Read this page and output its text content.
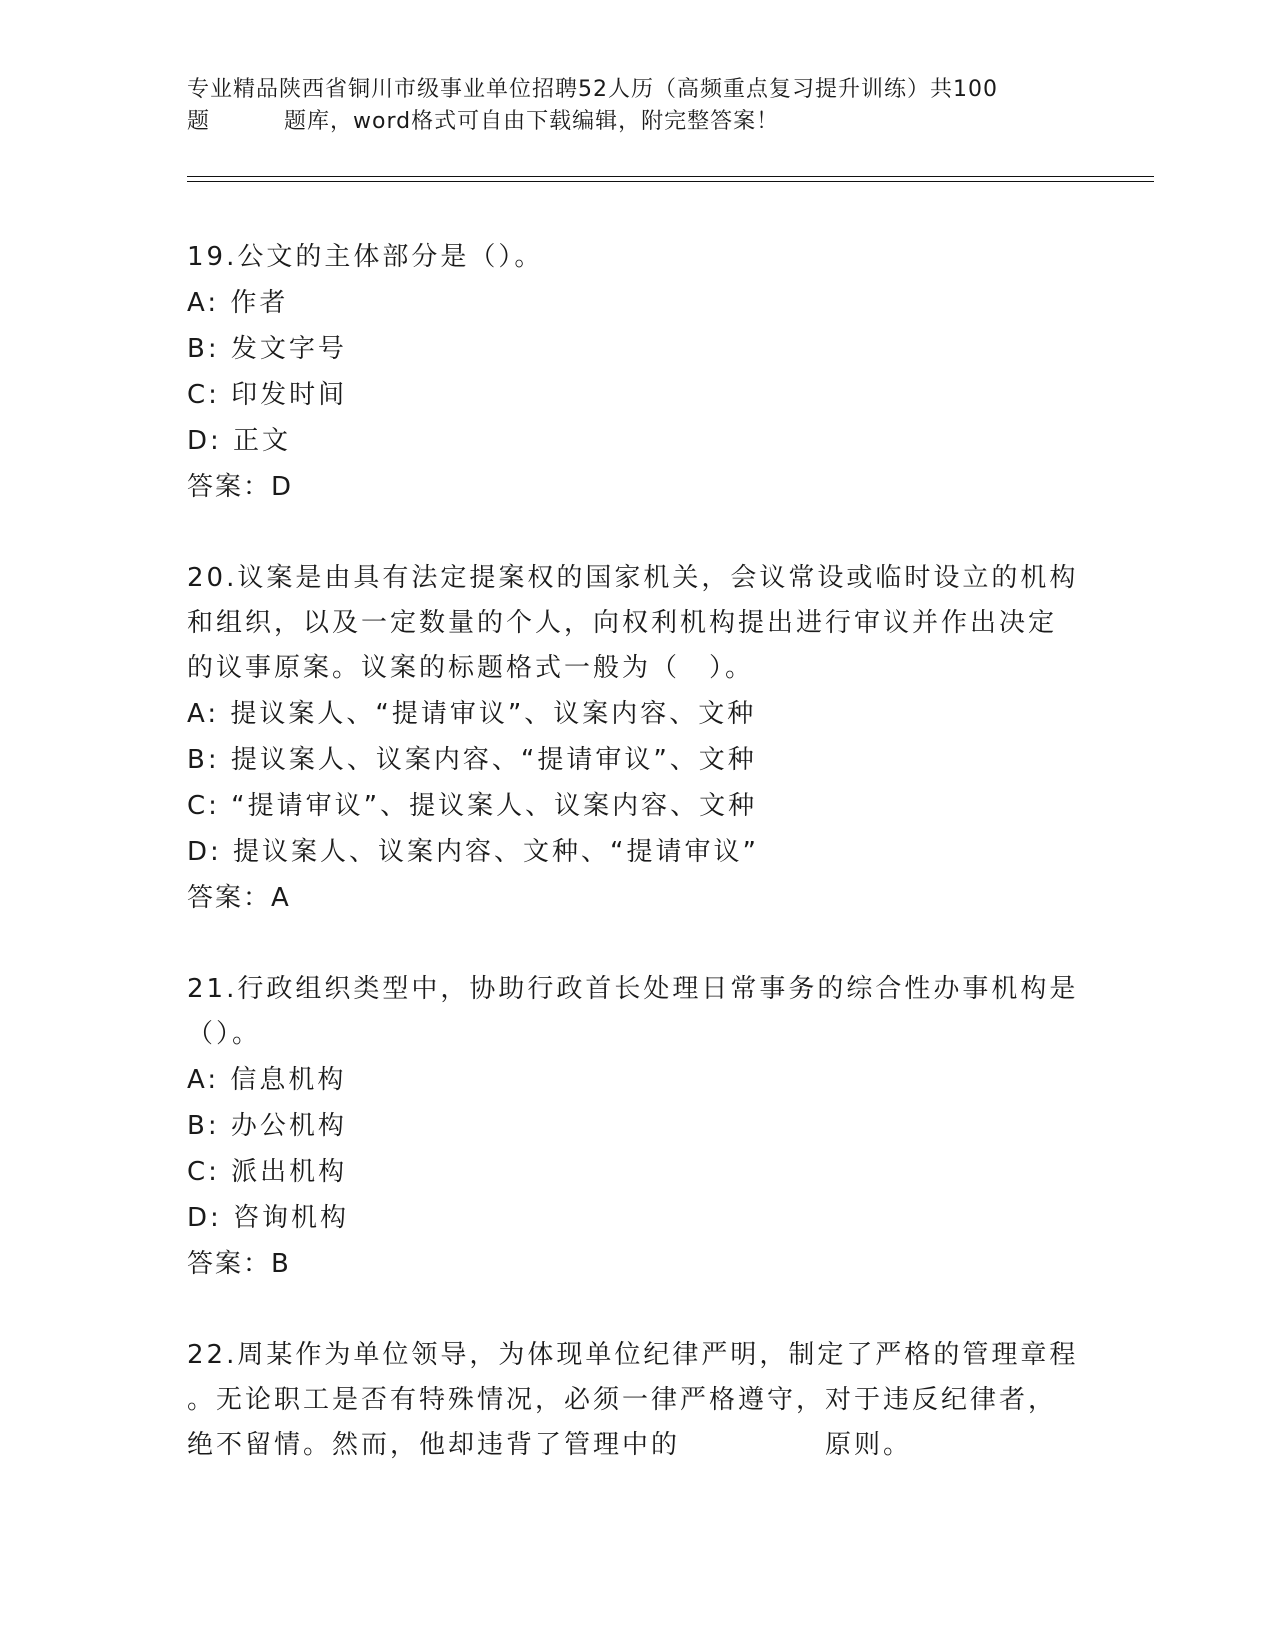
专业精品陕西省铜川市级事业单位招聘52人历（高频重点复习提升训练）共100
题	题库，word格式可自由下载编辑，附完整答案！
19.公文的主体部分是（）。
A: 作者
B: 发文字号
C: 印发时间
D: 正文
答案：D
20.议案是由具有法定提案权的国家机关，会议常设或临时设立的机构
和组织，以及一定数量的个人，向权利机构提出进行审议并作出决定
的议事原案。议案的标题格式一般为（　）。
A: 提议案人、“提请审议”、议案内容、文种
B: 提议案人、议案内容、“提请审议”、文种
C: “提请审议”、提议案人、议案内容、文种
D: 提议案人、议案内容、文种、“提请审议”
答案：A
21.行政组织类型中，协助行政首长处理日常事务的综合性办事机构是
（）。
A: 信息机构
B: 办公机构
C: 派出机构
D: 咨询机构
答案：B
22.周某作为单位领导，为体现单位纪律严明，制定了严格的管理章程
。无论职工是否有特殊情况，必须一律严格遵守，对于违反纪律者，
绝不留情。然而，他却违背了管理中的	原则。
